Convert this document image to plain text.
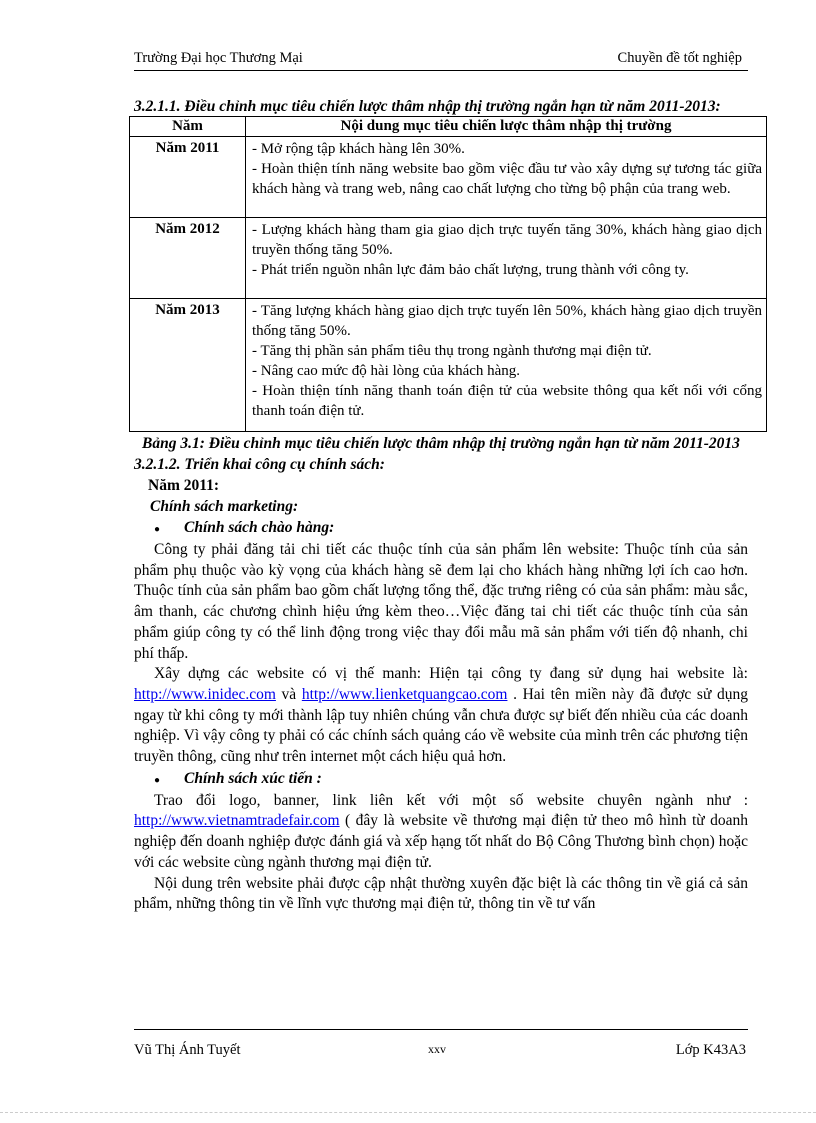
Trường Đại học Thương Mại	Chuyền đề tốt nghiệp
3.2.1.1. Điều chỉnh mục tiêu chiến lược thâm nhập thị trường ngắn hạn từ năm 2011-2013:
Năm	Nội dung mục tiêu chiến lược thâm nhập thị trường
Năm 2011	- Mở rộng tập khách hàng lên 30%.
- Hoàn thiện tính năng website bao gồm việc đầu tư vào xây dựng sự tương tác giữa khách hàng và trang web, nâng cao chất lượng cho từng bộ phận của trang web.

Năm 2012	- Lượng khách hàng tham gia giao dịch trực tuyến tăng 30%, khách hàng giao dịch truyền thống tăng 50%.
- Phát triển nguồn nhân lực đảm bảo chất lượng, trung thành với công ty.

Năm 2013	- Tăng lượng khách hàng giao dịch trực tuyến lên 50%, khách hàng giao dịch truyền thống tăng 50%.
- Tăng thị phần sản phẩm tiêu thụ trong ngành thương mại điện tử.
- Nâng cao mức độ hài lòng của khách hàng.
- Hoàn thiện tính năng thanh toán điện tử của website thông qua kết nối với cổng thanh toán điện tử.
Bảng 3.1: Điều chỉnh mục tiêu chiến lược thâm nhập thị trường ngắn hạn từ năm 2011-2013
3.2.1.2. Triển khai công cụ chính sách:
Năm 2011:
Chính sách marketing:
●	Chính sách chào hàng:

Công ty phải đăng tải chi tiết các thuộc tính của sản phẩm lên website: Thuộc tính của sản phẩm phụ thuộc vào kỳ vọng của khách hàng sẽ đem lại cho khách hàng những lợi ích cao hơn. Thuộc tính của sản phẩm bao gồm chất lượng tổng thể, đặc trưng riêng có của sản phẩm: màu sắc, âm thanh, các chương chình hiệu ứng kèm theo…Việc đăng tai chi tiết các thuộc tính của sản phẩm giúp công ty có thể linh động trong việc thay đổi mẫu mã sản phẩm với tiến độ nhanh, chi phí thấp.

Xây dựng các website có vị thế manh: Hiện tại công ty đang sử dụng hai website là: http://www.inidec.com và http://www.lienketquangcao.com . Hai tên miền này đã được sử dụng ngay từ khi công ty mới thành lập tuy nhiên chúng vẫn chưa được sự biết đến nhiều của các doanh nghiệp. Vì vậy công ty phải có các chính sách quảng cáo về website của mình trên các phương tiện truyền thông, cũng như trên internet một cách hiệu quả hơn.

●	Chính sách xúc tiến :

Trao đổi logo, banner, link liên kết với một số website chuyên ngành như : http://www.vietnamtradefair.com ( đây là website về thương mại điện tử theo mô hình từ doanh nghiệp đến doanh nghiệp được đánh giá và xếp hạng tốt nhất do Bộ Công Thương bình chọn) hoặc với các website cùng ngành thương mại điện tử.

Nội dung trên website phải được cập nhật thường xuyên đặc biệt là các thông tin về giá cả sản phẩm, những thông tin về lĩnh vực thương mại điện tử, thông tin về tư vấn

Vũ Thị Ánh Tuyết	xxv	Lớp K43A3
